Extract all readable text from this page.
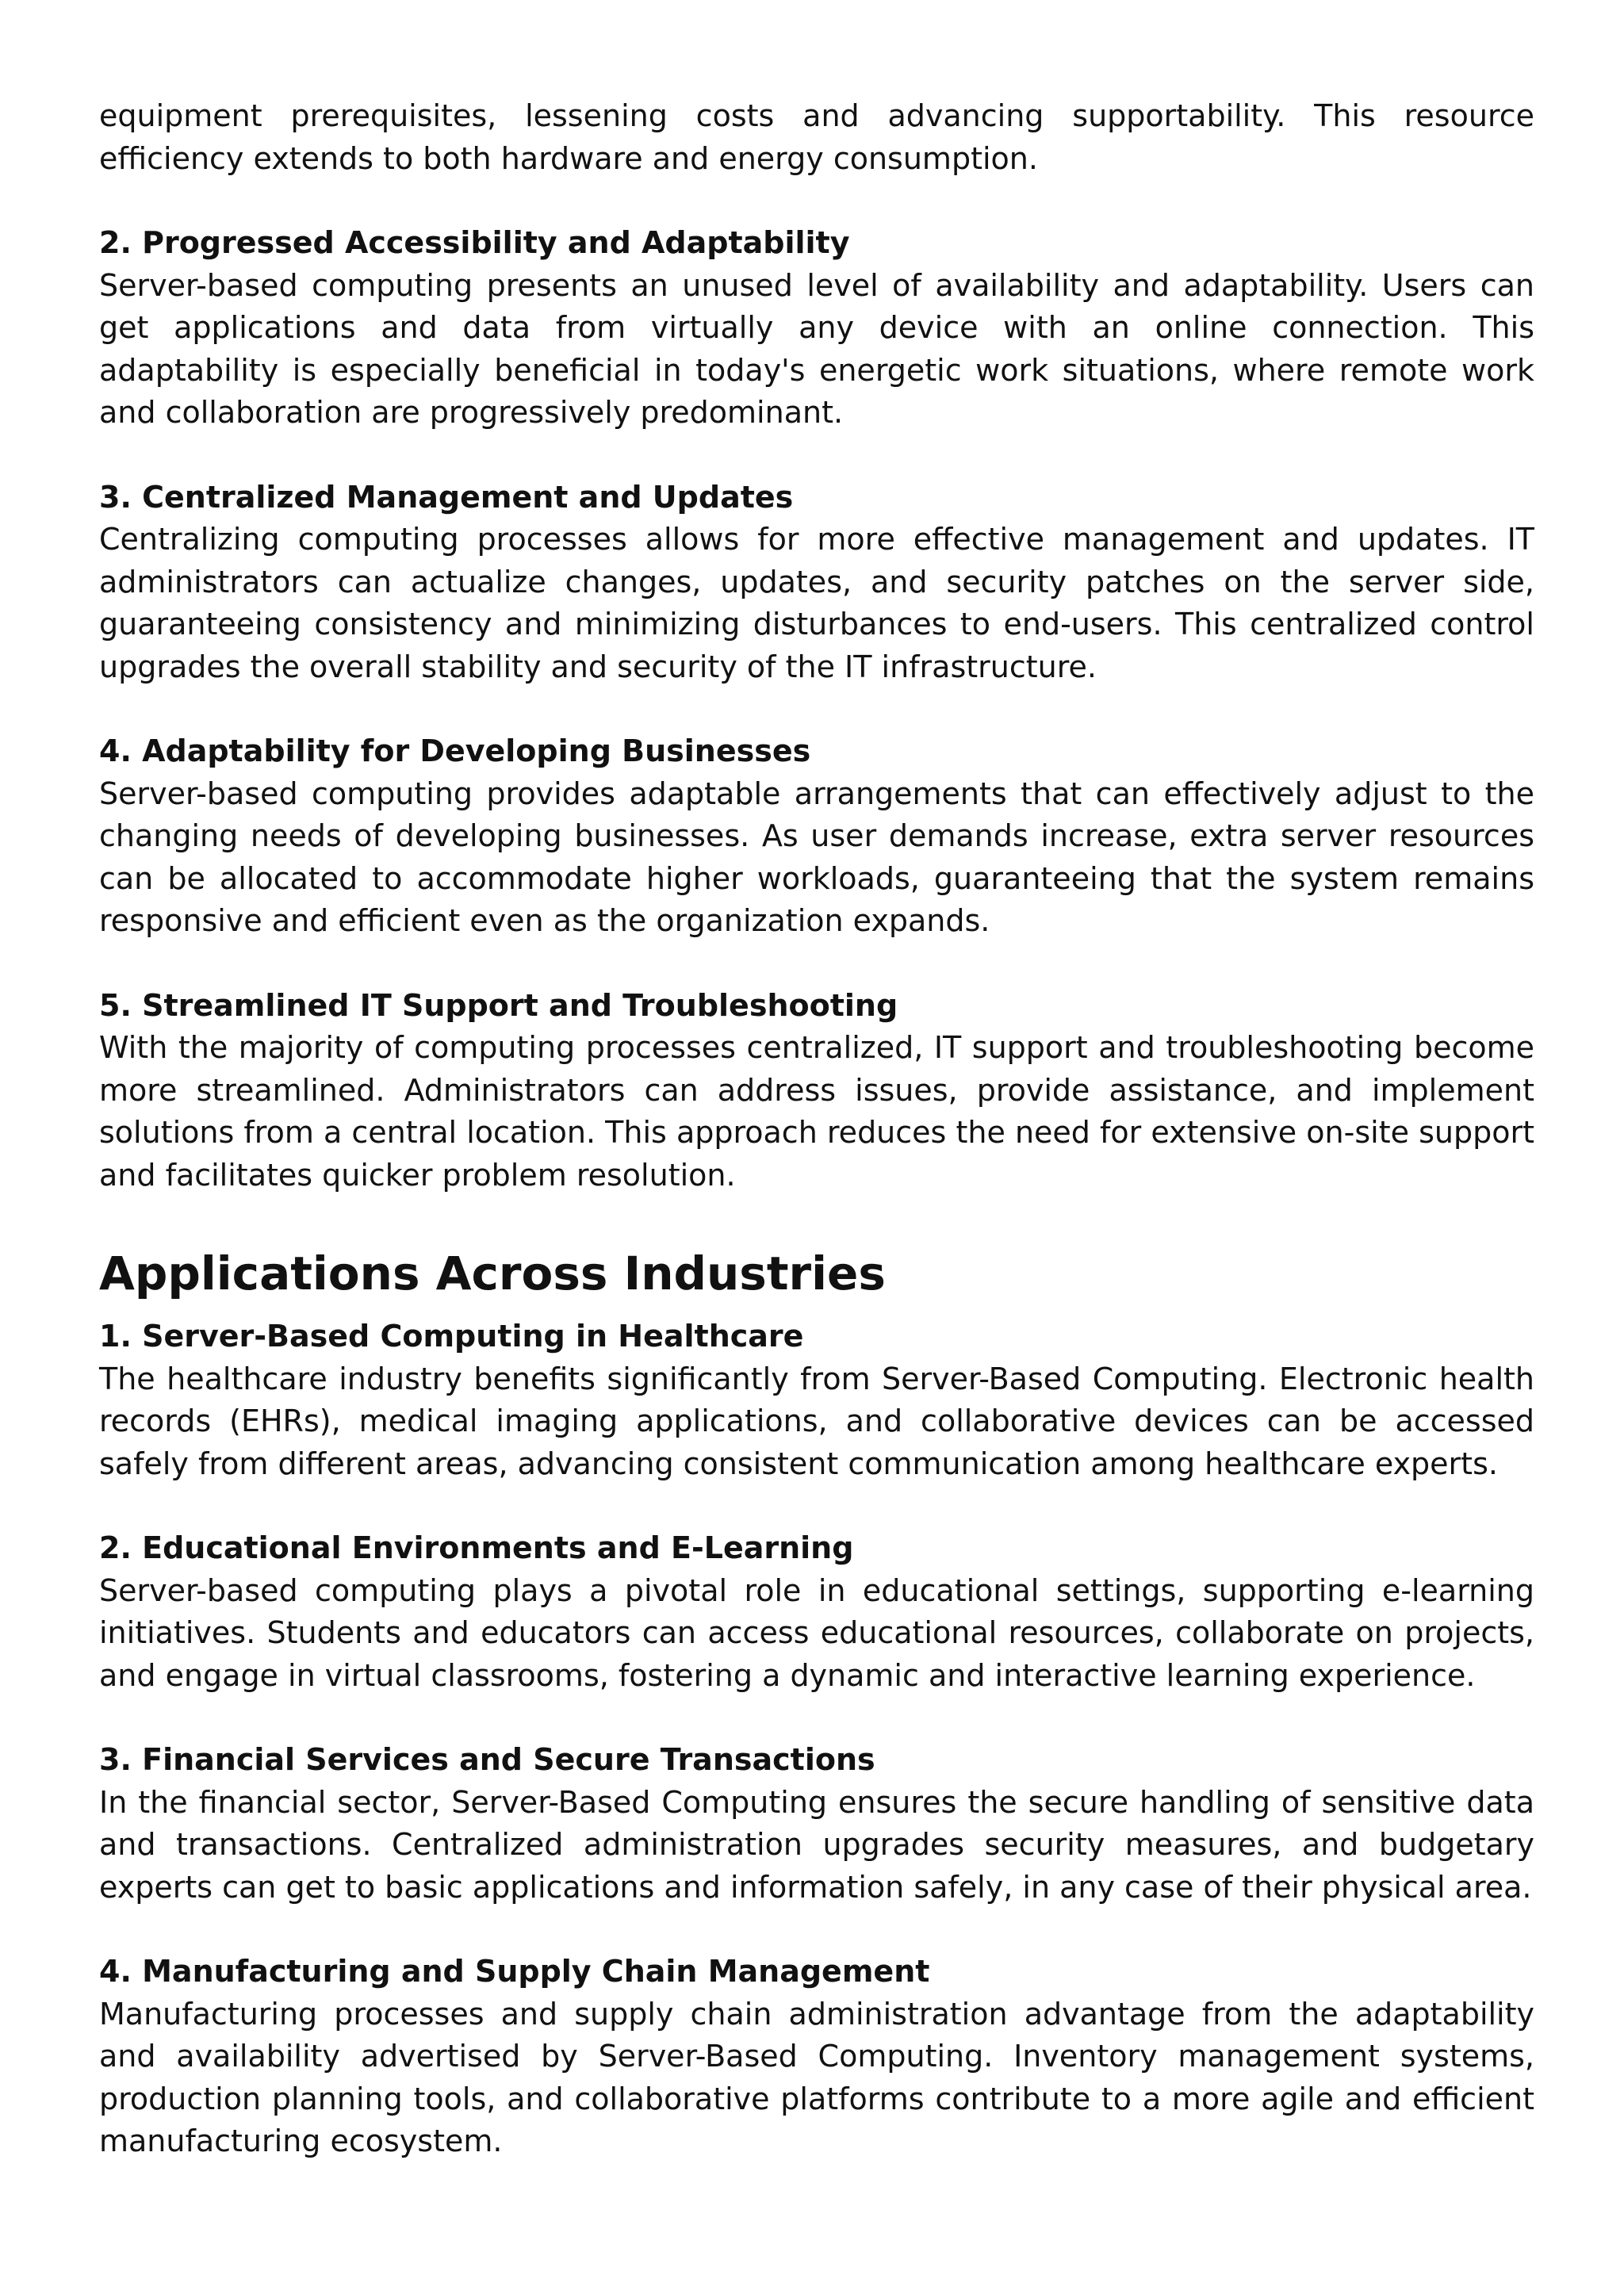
equipment prerequisites, lessening costs and advancing supportability. This resource efficiency extends to both hardware and energy consumption.

2. Progressed Accessibility and Adaptability

Server-based computing presents an unused level of availability and adaptability. Users can get applications and data from virtually any device with an online connection. This adaptability is especially beneficial in today's energetic work situations, where remote work and collaboration are progressively predominant.

3. Centralized Management and Updates

Centralizing computing processes allows for more effective management and updates. IT administrators can actualize changes, updates, and security patches on the server side, guaranteeing consistency and minimizing disturbances to end-users. This centralized control upgrades the overall stability and security of the IT infrastructure.

4. Adaptability for Developing Businesses

Server-based computing provides adaptable arrangements that can effectively adjust to the changing needs of developing businesses. As user demands increase, extra server resources can be allocated to accommodate higher workloads, guaranteeing that the system remains responsive and efficient even as the organization expands.

5. Streamlined IT Support and Troubleshooting

With the majority of computing processes centralized, IT support and troubleshooting become more streamlined. Administrators can address issues, provide assistance, and implement solutions from a central location. This approach reduces the need for extensive on-site support and facilitates quicker problem resolution.

Applications Across Industries

1. Server-Based Computing in Healthcare

The healthcare industry benefits significantly from Server-Based Computing. Electronic health records (EHRs), medical imaging applications, and collaborative devices can be accessed safely from different areas, advancing consistent communication among healthcare experts.

2. Educational Environments and E-Learning

Server-based computing plays a pivotal role in educational settings, supporting e-learning initiatives. Students and educators can access educational resources, collaborate on projects, and engage in virtual classrooms, fostering a dynamic and interactive learning experience.

3. Financial Services and Secure Transactions

In the financial sector, Server-Based Computing ensures the secure handling of sensitive data and transactions. Centralized administration upgrades security measures, and budgetary experts can get to basic applications and information safely, in any case of their physical area.

4. Manufacturing and Supply Chain Management

Manufacturing processes and supply chain administration advantage from the adaptability and availability advertised by Server-Based Computing. Inventory management systems, production planning tools, and collaborative platforms contribute to a more agile and efficient manufacturing ecosystem.
